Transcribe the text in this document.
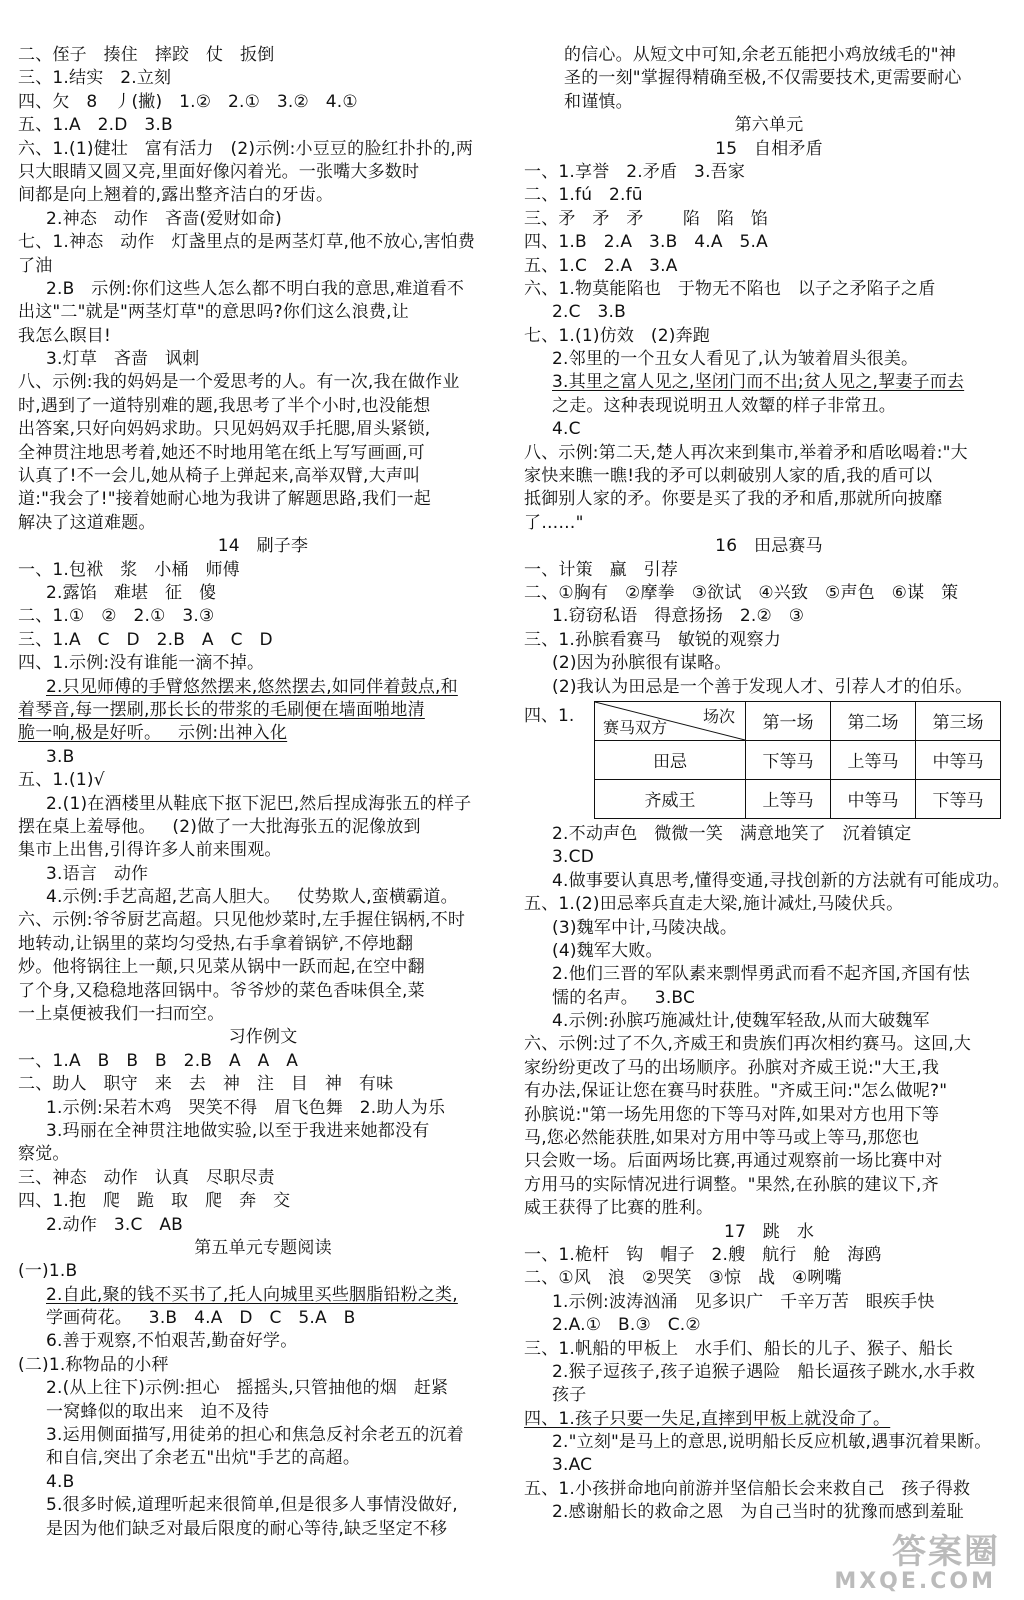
二、侄子   揍住   摔跤   仗   扳倒
三、1.结实   2.立刻
四、欠   8   丿(撇)   1.②   2.①   3.②   4.①
五、1.A   2.D   3.B
六、1.(1)健壮   富有活力   (2)示例:小豆豆的脸红扑扑的,两
只大眼睛又圆又亮,里面好像闪着光。一张嘴大多数时
间都是向上翘着的,露出整齐洁白的牙齿。
2.神态   动作   吝啬(爱财如命)
七、1.神态   动作   灯盏里点的是两茎灯草,他不放心,害怕费
了油
2.B   示例:你们这些人怎么都不明白我的意思,难道看不
出这"二"就是"两茎灯草"的意思吗?你们这么浪费,让
我怎么瞑目!
3.灯草   吝啬   讽刺
八、示例:我的妈妈是一个爱思考的人。有一次,我在做作业
时,遇到了一道特别难的题,我思考了半个小时,也没能想
出答案,只好向妈妈求助。只见妈妈双手托腮,眉头紧锁,
全神贯注地思考着,她还不时地用笔在纸上写写画画,可
认真了!不一会儿,她从椅子上弹起来,高举双臂,大声叫
道:"我会了!"接着她耐心地为我讲了解题思路,我们一起
解决了这道难题。
14   刷子李
一、1.包袱   浆   小桶   师傅
2.露馅   难堪   征   傻
二、1.①   ②   2.①   3.③
三、1.A   C   D   2.B   A   C   D
四、1.示例:没有谁能一滴不掉。
2.只见师傅的手臂悠然摆来,悠然摆去,如同伴着鼓点,和
着琴音,每一摆刷,那长长的带浆的毛刷便在墙面啪地清
脆一响,极是好听。   示例:出神入化
3.B
五、1.(1)√
2.(1)在酒楼里从鞋底下抠下泥巴,然后捏成海张五的样子
摆在桌上羞辱他。   (2)做了一大批海张五的泥像放到
集市上出售,引得许多人前来围观。
3.语言   动作
4.示例:手艺高超,艺高人胆大。   仗势欺人,蛮横霸道。
六、示例:爷爷厨艺高超。只见他炒菜时,左手握住锅柄,不时
地转动,让锅里的菜均匀受热,右手拿着锅铲,不停地翻
炒。他将锅往上一颠,只见菜从锅中一跃而起,在空中翻
了个身,又稳稳地落回锅中。爷爷炒的菜色香味俱全,菜
一上桌便被我们一扫而空。
习作例文
一、1.A   B   B   B   2.B   A   A   A
二、助人   职守   来   去   神   注   目   神   有味
1.示例:呆若木鸡   哭笑不得   眉飞色舞   2.助人为乐
3.玛丽在全神贯注地做实验,以至于我进来她都没有
察觉。
三、神态   动作   认真   尽职尽责
四、1.抱   爬   跪   取   爬   奔   交
2.动作   3.C   AB
第五单元专题阅读
(一)1.B
2.自此,聚的钱不买书了,托人向城里买些胭脂铅粉之类,
学画荷花。   3.B   4.A   D   C   5.A   B
6.善于观察,不怕艰苦,勤奋好学。
(二)1.称物品的小秤
2.(从上往下)示例:担心   摇摇头,只管抽他的烟   赶紧
一窝蜂似的取出来   迫不及待
3.运用侧面描写,用徒弟的担心和焦急反衬余老五的沉着
和自信,突出了余老五"出炕"手艺的高超。
4.B
5.很多时候,道理听起来很简单,但是很多人事情没做好,
是因为他们缺乏对最后限度的耐心等待,缺乏坚定不移
的信心。从短文中可知,余老五能把小鸡放绒毛的"神
圣的一刻"掌握得精确至极,不仅需要技术,更需要耐心
和谨慎。
第六单元
15   自相矛盾
一、1.享誉   2.矛盾   3.吾家
二、1.fú   2.fū
三、矛   矛   矛       陷   陷   馅
四、1.B   2.A   3.B   4.A   5.A
五、1.C   2.A   3.A
六、1.物莫能陷也   于物无不陷也   以子之矛陷子之盾
2.C   3.B
七、1.(1)仿效   (2)奔跑
2.邻里的一个丑女人看见了,认为皱着眉头很美。
3.其里之富人见之,坚闭门而不出;贫人见之,挈妻子而去
之走。这种表现说明丑人效颦的样子非常丑。
4.C
八、示例:第二天,楚人再次来到集市,举着矛和盾吆喝着:"大
家快来瞧一瞧!我的矛可以刺破别人家的盾,我的盾可以
抵御别人家的矛。你要是买了我的矛和盾,那就所向披靡
了……"
16   田忌赛马
一、计策   赢   引荐
二、①胸有   ②摩拳   ③欲试   ④兴致   ⑤声色   ⑥谋   策
1.窃窃私语   得意扬扬   2.②   ③
三、1.孙膑看赛马   敏锐的观察力
(2)因为孙膑很有谋略。
(2)我认为田忌是一个善于发现人才、引荐人才的伯乐。
四、1.	场次
赛马双方	第一场	第二场	第三场
田忌	下等马	上等马	中等马
齐威王	上等马	中等马	下等马
2.不动声色   微微一笑   满意地笑了   沉着镇定
3.CD
4.做事要认真思考,懂得变通,寻找创新的方法就有可能成功。
五、1.(2)田忌率兵直走大梁,施计减灶,马陵伏兵。
(3)魏军中计,马陵决战。
(4)魏军大败。
2.他们三晋的军队素来剽悍勇武而看不起齐国,齐国有怯
懦的名声。   3.BC
4.示例:孙膑巧施减灶计,使魏军轻敌,从而大破魏军
六、示例:过了不久,齐威王和贵族们再次相约赛马。这回,大
家纷纷更改了马的出场顺序。孙膑对齐威王说:"大王,我
有办法,保证让您在赛马时获胜。"齐威王问:"怎么做呢?"
孙膑说:"第一场先用您的下等马对阵,如果对方也用下等
马,您必然能获胜,如果对方用中等马或上等马,那您也
只会败一场。后面两场比赛,再通过观察前一场比赛中对
方用马的实际情况进行调整。"果然,在孙膑的建议下,齐
威王获得了比赛的胜利。
17   跳   水
一、1.桅杆   钩   帽子   2.艘   航行   舱   海鸥
二、①风   浪   ②哭笑   ③惊   战   ④咧嘴
1.示例:波涛汹涌   见多识广   千辛万苦   眼疾手快
2.A.①   B.③   C.②
三、1.帆船的甲板上   水手们、船长的儿子、猴子、船长
2.猴子逗孩子,孩子追猴子遇险   船长逼孩子跳水,水手救
孩子
四、1.孩子只要一失足,直摔到甲板上就没命了。
2."立刻"是马上的意思,说明船长反应机敏,遇事沉着果断。
3.AC
五、1.小孩拼命地向前游并坚信船长会来救自己   孩子得救
2.感谢船长的救命之恩   为自己当时的犹豫而感到羞耻
答案圈
MXQE.COM
